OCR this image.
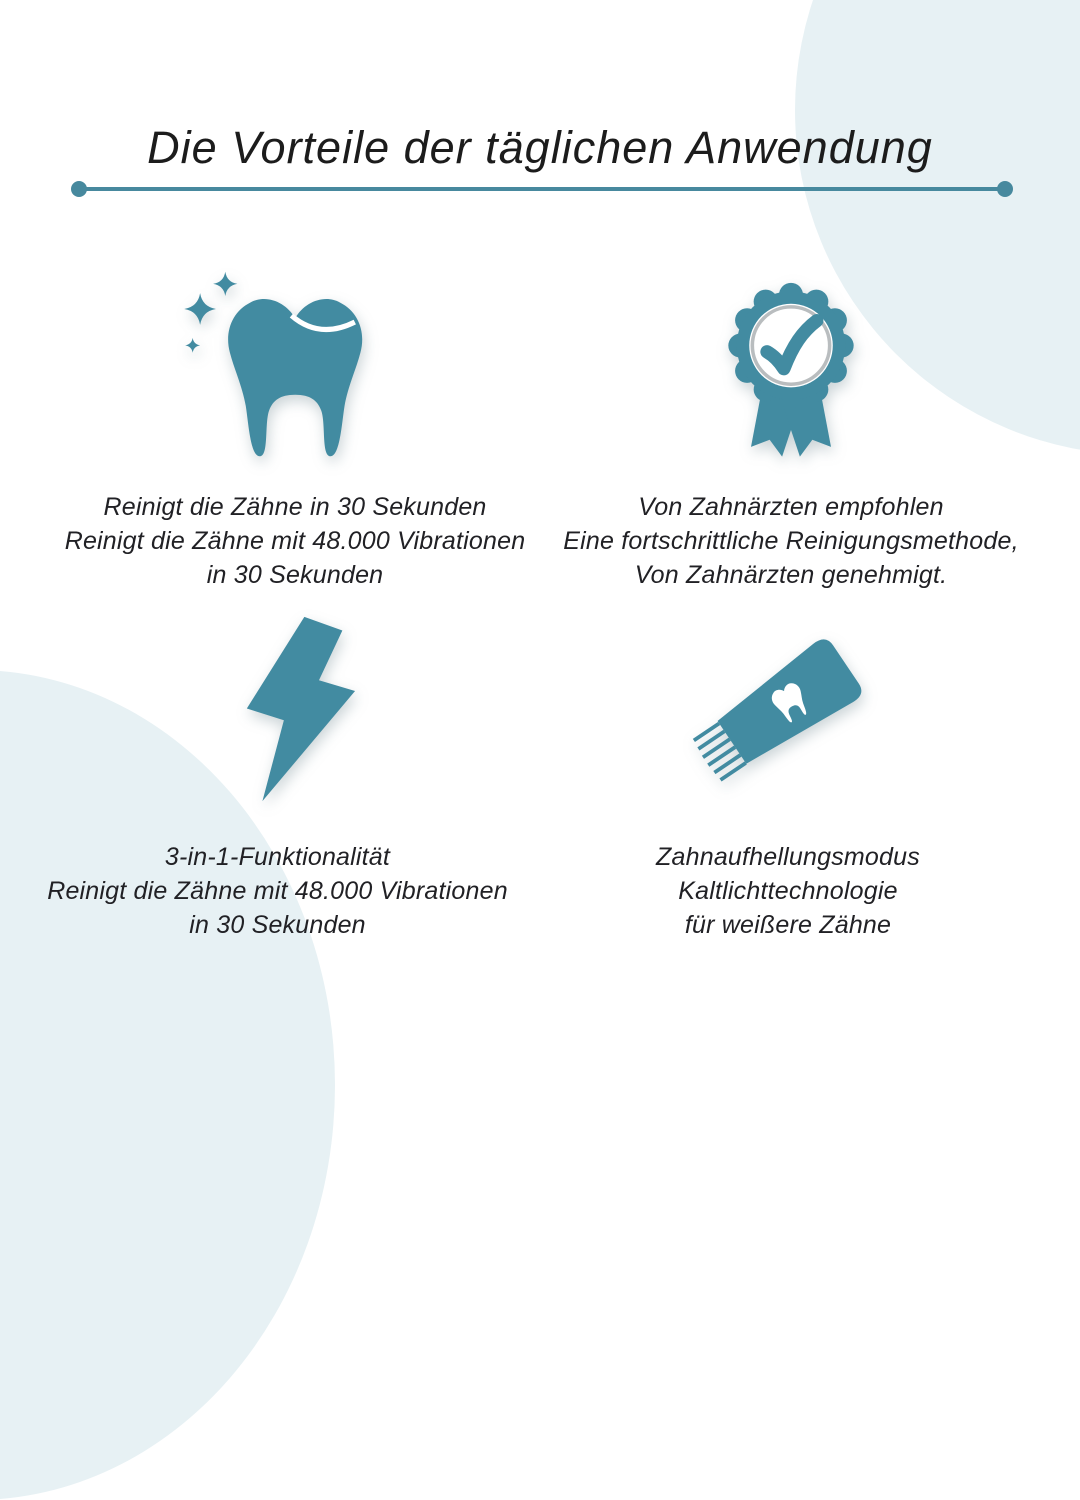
Die Vorteile der täglichen Anwendung
Reinigt die Zähne in 30 Sekunden
Reinigt die Zähne mit 48.000 Vibrationen
in 30 Sekunden
Von Zahnärzten empfohlen
Eine fortschrittliche Reinigungsmethode,
Von Zahnärzten genehmigt.
3-in-1-Funktionalität
Reinigt die Zähne mit 48.000 Vibrationen
in 30 Sekunden
Zahnaufhellungsmodus
Kaltlichttechnologie
für weißere Zähne
